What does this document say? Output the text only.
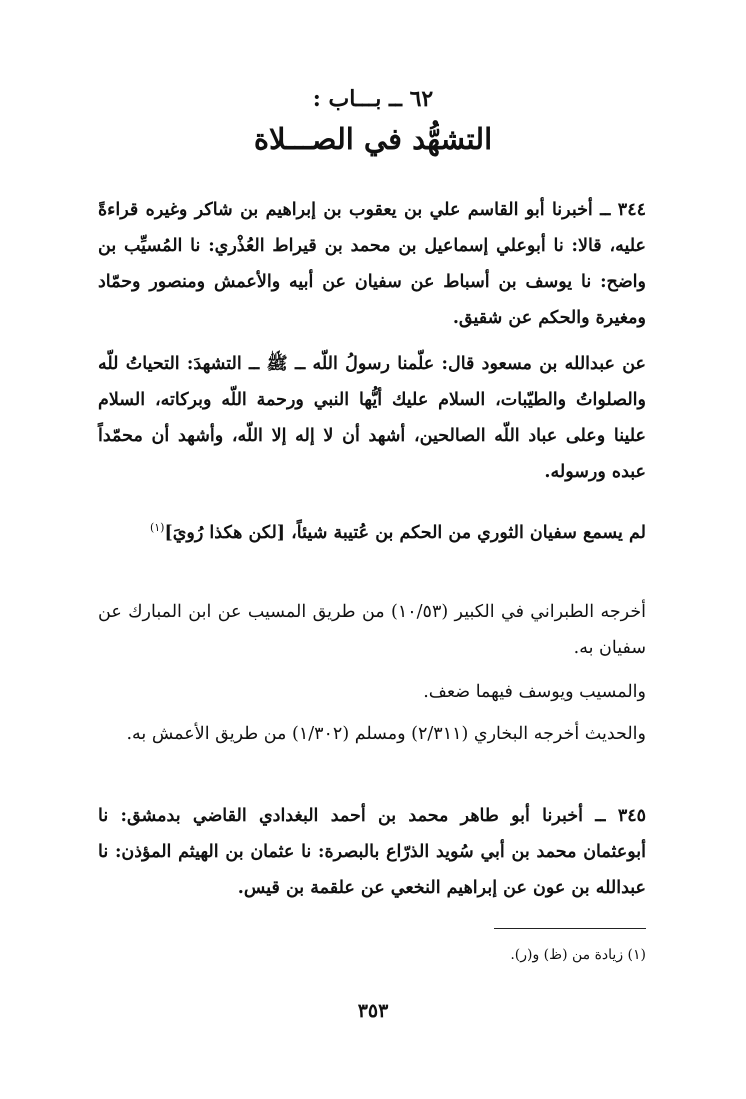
٦٢ ــ بـــاب :
التشهُّد في الصـــلاة

٣٤٤ ــ أخبرنا أبو القاسم علي بن يعقوب بن إبراهيم بن شاكر وغيره قراءةً عليه، قالا: نا أبوعلي إسماعيل بن محمد بن قيراط العُذْري: نا المُسيِّب بن واضح: نا يوسف بن أسباط عن سفيان عن أبيه والأعمش ومنصور وحمّاد ومغيرة والحكم عن شقيق.

عن عبدالله بن مسعود قال: علّمنا رسولُ اللّه ــ ﷺ ــ التشهدَ: التحياتُ للّه والصلواتُ والطيّبات، السلام عليك أيُّها النبي ورحمة اللّه وبركاته، السلام علينا وعلى عباد اللّه الصالحين، أشهد أن لا إله إلا اللّه، وأشهد أن محمّداً عبده ورسوله.

لم يسمع سفيان الثوري من الحكم بن عُتيبة شيئاً، [لكن هكذا رُويَ]$^{(١)}$

أخرجه الطبراني في الكبير (١٠/٥٣) من طريق المسيب عن ابن المبارك عن سفيان به.

والمسيب ويوسف فيهما ضعف.

والحديث أخرجه البخاري (٢/٣١١) ومسلم (١/٣٠٢) من طريق الأعمش به.

٣٤٥ ــ أخبرنا أبو طاهر محمد بن أحمد البغدادي القاضي بدمشق: نا أبوعثمان محمد بن أبي سُويد الذرّاع بالبصرة: نا عثمان بن الهيثم المؤذن: نا عبدالله بن عون عن إبراهيم النخعي عن علقمة بن قيس.

(١) زيادة من (ظ) و(ر).

٣٥٣
